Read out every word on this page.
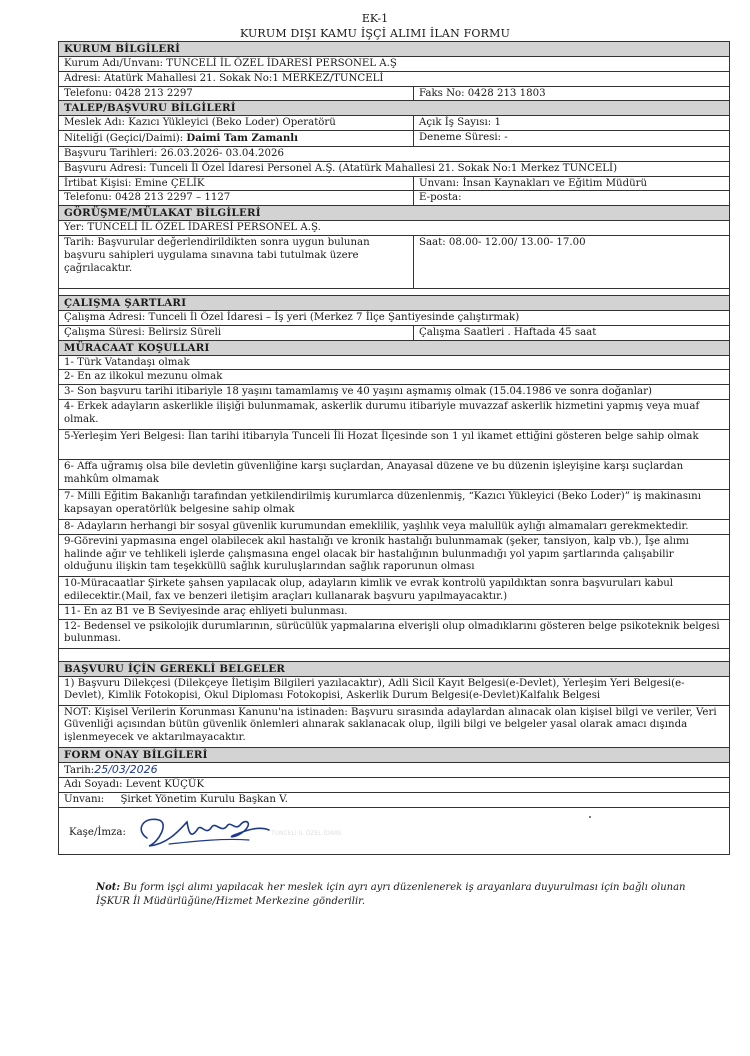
EK-1
KURUM DIŞI KAMU İŞÇİ ALIMI İLAN FORMU
KURUM BİLGİLERİ	
Kurum Adı/Unvanı: TUNCELİ İL ÖZEL İDARESİ PERSONEL A.Ş	
Adresi: Atatürk Mahallesi 21. Sokak No:1 MERKEZ/TUNCELİ	
Telefonu: 0428 213 2297	Faks No: 0428 213 1803
TALEP/BAŞVURU BİLGİLERİ	
Meslek Adı: Kazıcı Yükleyici (Beko Loder) Operatörü	Açık İş Sayısı: 1
Niteliği (Geçici/Daimi): Daimi Tam Zamanlı	Deneme Süresi: -
Başvuru Tarihleri: 26.03.2026- 03.04.2026	
Başvuru Adresi: Tunceli İl Özel İdaresi Personel A.Ş. (Atatürk Mahallesi 21. Sokak No:1 Merkez TUNCELİ)	
İrtibat Kişisi: Emine ÇELİK	Unvanı: İnsan Kaynakları ve Eğitim Müdürü
Telefonu: 0428 213 2297 – 1127	E-posta:
GÖRÜŞME/MÜLAKAT BİLGİLERİ	
Yer: TUNCELİ İL ÖZEL İDARESİ PERSONEL A.Ş.	
Tarih: Başvurular değerlendirildikten sonra uygun bulunan başvuru sahipleri uygulama sınavına tabi tutulmak üzere çağrılacaktır.	Saat: 08.00- 12.00/ 13.00- 17.00

ÇALIŞMA ŞARTLARI	
Çalışma Adresi: Tunceli İl Özel İdaresi – İş yeri (Merkez 7 İlçe Şantiyesinde çalıştırmak)	
Çalışma Süresi: Belirsiz Süreli	Çalışma Saatleri . Haftada 45 saat
MÜRACAAT KOŞULLARI	
1- Türk Vatandaşı olmak	
2- En az ilkokul mezunu olmak	
3- Son başvuru tarihi itibariyle 18 yaşını tamamlamış ve 40 yaşını aşmamış olmak (15.04.1986 ve sonra doğanlar)	
4- Erkek adayların askerlikle ilişiği bulunmamak, askerlik durumu itibariyle muvazzaf askerlik hizmetini yapmış veya muaf olmak.	
5-Yerleşim Yeri Belgesi: İlan tarihi itibarıyla Tunceli İli Hozat İlçesinde son 1 yıl ikamet ettiğini gösteren belge sahip olmak	
6- Affa uğramış olsa bile devletin güvenliğine karşı suçlardan, Anayasal düzene ve bu düzenin işleyişine karşı suçlardan mahkûm olmamak	
7- Milli Eğitim Bakanlığı tarafından yetkilendirilmiş kurumlarca düzenlenmiş, “Kazıcı Yükleyici (Beko Loder)” iş makinasını kapsayan operatörlük belgesine sahip olmak	
8- Adayların herhangi bir sosyal güvenlik kurumundan emeklilik, yaşlılık veya malullük aylığı almamaları gerekmektedir.	
9-Görevini yapmasına engel olabilecek akıl hastalığı ve kronik hastalığı bulunmamak (şeker, tansiyon, kalp vb.), İşe alımı halinde ağır ve tehlikeli işlerde çalışmasına engel olacak bir hastalığının bulunmadığı yol yapım şartlarında çalışabilir olduğunu ilişkin tam teşekküllü sağlık kuruluşlarından sağlık raporunun olması	
10-Müracaatlar Şirkete şahsen yapılacak olup, adayların kimlik ve evrak kontrolü yapıldıktan sonra başvuruları kabul edilecektir.(Mail, fax ve benzeri iletişim araçları kullanarak başvuru yapılmayacaktır.)	
11- En az B1 ve B Seviyesinde araç ehliyeti bulunması.	
12- Bedensel ve psikolojik durumlarının, sürücülük yapmalarına elverişli olup olmadıklarını gösteren belge psikoteknik belgesi bulunması.	

BAŞVURU İÇİN GEREKLİ BELGELER	
1) Başvuru Dilekçesi (Dilekçeye İletişim Bilgileri yazılacaktır), Adli Sicil Kayıt Belgesi(e-Devlet), Yerleşim Yeri Belgesi(e-Devlet), Kimlik Fotokopisi, Okul Diploması Fotokopisi, Askerlik Durum Belgesi(e-Devlet)Kalfalık Belgesi	
NOT: Kişisel Verilerin Korunması Kanunu'na istinaden: Başvuru sırasında adaylardan alınacak olan kişisel bilgi ve veriler, Veri Güvenliği açısından bütün güvenlik önlemleri alınarak saklanacak olup, ilgili bilgi ve belgeler yasal olarak amacı dışında işlenmeyecek ve aktarılmayacaktır.	
FORM ONAY BİLGİLERİ	
Tarih:25/03/2026	
Adı Soyadı: Levent KÜÇÜK	
Unvanı: Şirket Yönetim Kurulu Başkan V.	

Kaşe/İmza: TUNCELİ İL ÖZEL İDARE	
Not: Bu form işçi alımı yapılacak her meslek için ayrı ayrı düzenlenerek iş arayanlara duyurulması için bağlı olunan İŞKUR İl Müdürlüğüne/Hizmet Merkezine gönderilir.
